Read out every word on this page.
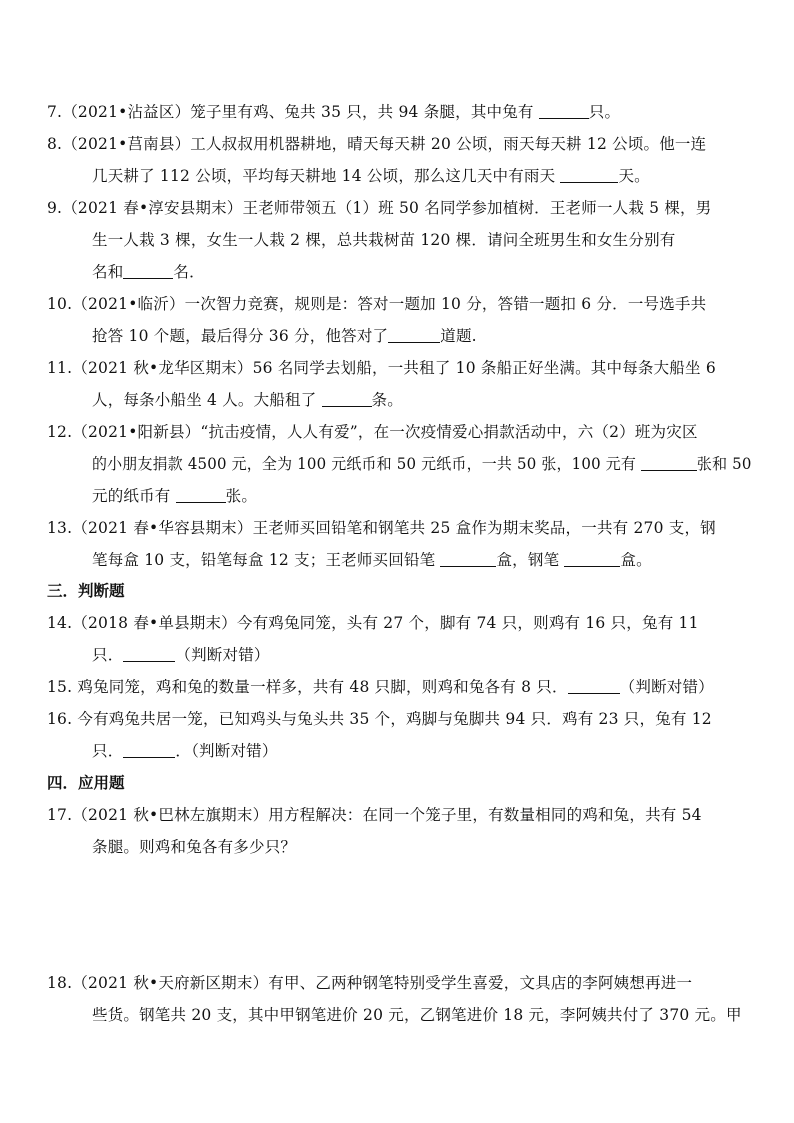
7.（2021•沾益区）笼子里有鸡、兔共 35 只，共 94 条腿，其中兔有	只。
8.（2021•莒南县）工人叔叔用机器耕地，晴天每天耕 20 公顷，雨天每天耕 12 公顷。他一连
几天耕了 112 公顷，平均每天耕地 14 公顷，那么这几天中有雨天	天。
9.（2021 春•淳安县期末）王老师带领五（1）班 50 名同学参加植树．王老师一人栽 5 棵，男
生一人栽 3 棵，女生一人栽 2 棵，总共栽树苗 120 棵．请问全班男生和女生分别有
名和	名．
10.（2021•临沂）一次智力竞赛，规则是：答对一题加 10 分，答错一题扣 6 分．一号选手共
抢答 10 个题，最后得分 36 分，他答对了	道题.
11.（2021 秋•龙华区期末）56 名同学去划船，一共租了 10 条船正好坐满。其中每条大船坐 6
人，每条小船坐 4 人。大船租了	条。
12.（2021•阳新县）“抗击疫情，人人有爱”，在一次疫情爱心捐款活动中，六（2）班为灾区
的小朋友捐款 4500 元，全为 100 元纸币和 50 元纸币，一共 50 张，100 元有	张和 50
元的纸币有	张。
13.（2021 春•华容县期末）王老师买回铅笔和钢笔共 25 盒作为期末奖品，一共有 270 支，钢
笔每盒 10 支，铅笔每盒 12 支；王老师买回铅笔	盒，钢笔	盒。
三．判断题
14.（2018 春•单县期末）今有鸡兔同笼，头有 27 个，脚有 74 只，则鸡有 16 只，兔有 11
只．	（判断对错）
15. 鸡兔同笼，鸡和兔的数量一样多，共有 48 只脚，则鸡和兔各有 8 只．	（判断对错）
16. 今有鸡兔共居一笼，已知鸡头与兔头共 35 个，鸡脚与兔脚共 94 只．鸡有 23 只，兔有 12
只．	．（判断对错）
四．应用题
17.（2021 秋•巴林左旗期末）用方程解决：在同一个笼子里，有数量相同的鸡和兔，共有 54
条腿。则鸡和兔各有多少只？
18.（2021 秋•天府新区期末）有甲、乙两种钢笔特别受学生喜爱，文具店的李阿姨想再进一
些货。钢笔共 20 支，其中甲钢笔进价 20 元，乙钢笔进价 18 元，李阿姨共付了 370 元。甲
